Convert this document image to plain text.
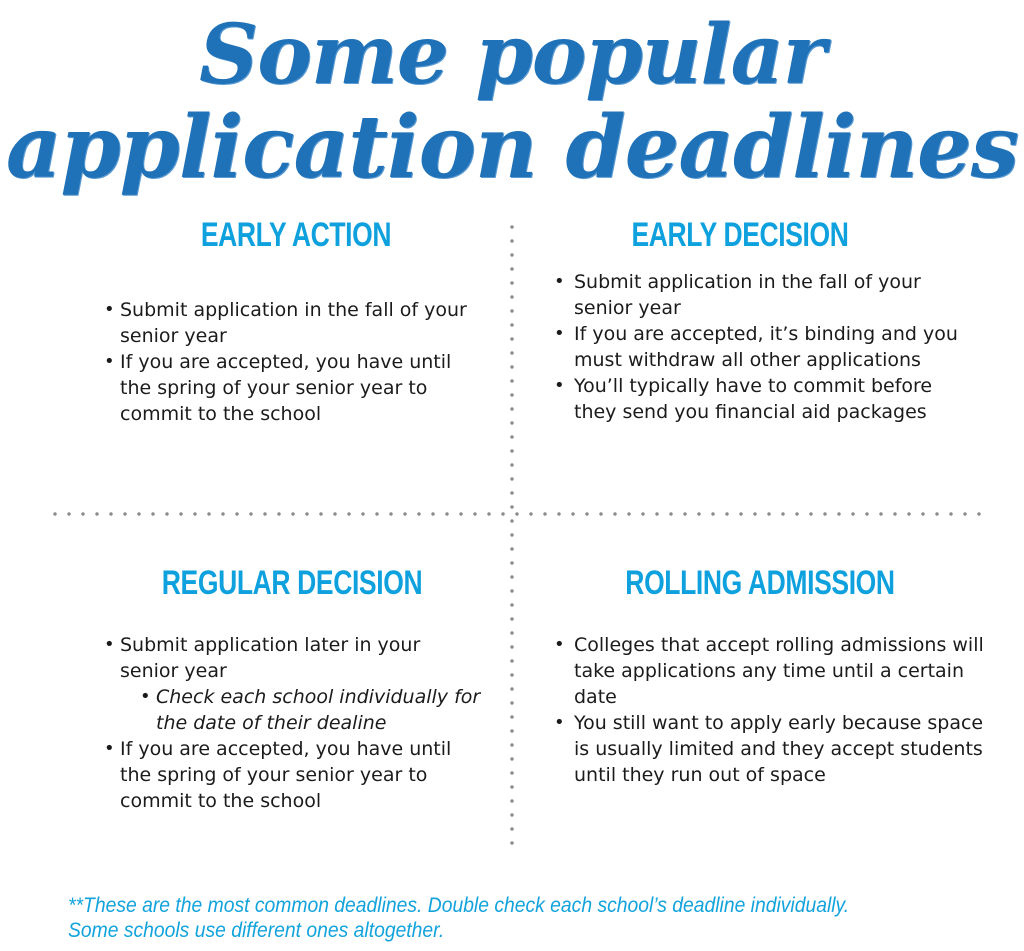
Some popular
application deadlines
EARLY ACTION
• Submit application in the fall of your senior year
• If you are accepted, you have until the spring of your senior year to commit to the school
EARLY DECISION
• Submit application in the fall of your senior year
• If you are accepted, it’s binding and you must withdraw all other applications
• You’ll typically have to commit before they send you financial aid packages
REGULAR DECISION
• Submit application later in your senior year
• Check each school individually for the date of their dealine
• If you are accepted, you have until the spring of your senior year to commit to the school
ROLLING ADMISSION
• Colleges that accept rolling admissions will take applications any time until a certain date
• You still want to apply early because space is usually limited and they accept students until they run out of space
**These are the most common deadlines. Double check each school’s deadline individually.
Some schools use different ones altogether.
